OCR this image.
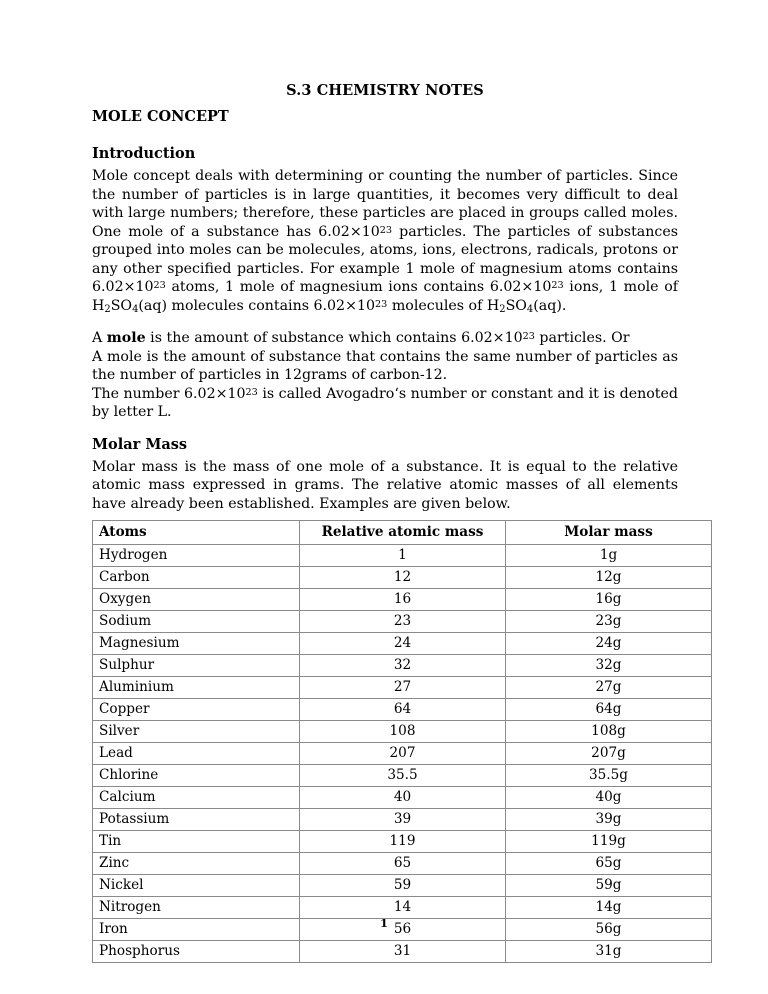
S.3 CHEMISTRY NOTES
MOLE CONCEPT
Introduction

Mole concept deals with determining or counting the number of particles. Since the number of particles is in large quantities, it becomes very difficult to deal with large numbers; therefore, these particles are placed in groups called moles. One mole of a substance has $6.02\times 10^{23}$ particles. The particles of substances grouped into moles can be molecules, atoms, ions, electrons, radicals, protons or any other specified particles. For example 1 mole of magnesium atoms contains $6.02\times 10^{23}$ atoms, 1 mole of magnesium ions contains $6.02\times 10^{23}$ ions, 1 mole of $H_2SO_4(aq)$ molecules contains $6.02\times 10^{23}$ molecules of $H_2SO_4(aq)$.

A mole is the amount of substance which contains $6.02\times 10^{23}$ particles. Or

A mole is the amount of substance that contains the same number of particles as the number of particles in 12grams of carbon-12.

The number $6.02\times 10^{23}$ is called Avogadro‘s number or constant and it is denoted by letter L.

Molar Mass

Molar mass is the mass of one mole of a substance. It is equal to the relative atomic mass expressed in grams. The relative atomic masses of all elements have already been established. Examples are given below.

Atoms	Relative atomic mass	Molar mass
Hydrogen	1	1g
Carbon	12	12g
Oxygen	16	16g
Sodium	23	23g
Magnesium	24	24g
Sulphur	32	32g
Aluminium	27	27g
Copper	64	64g
Silver	108	108g
Lead	207	207g
Chlorine	35.5	35.5g
Calcium	40	40g
Potassium	39	39g
Tin	119	119g
Zinc	65	65g
Nickel	59	59g
Nitrogen	14	14g
Iron	56	56g
Phosphorus	31	31g
1
